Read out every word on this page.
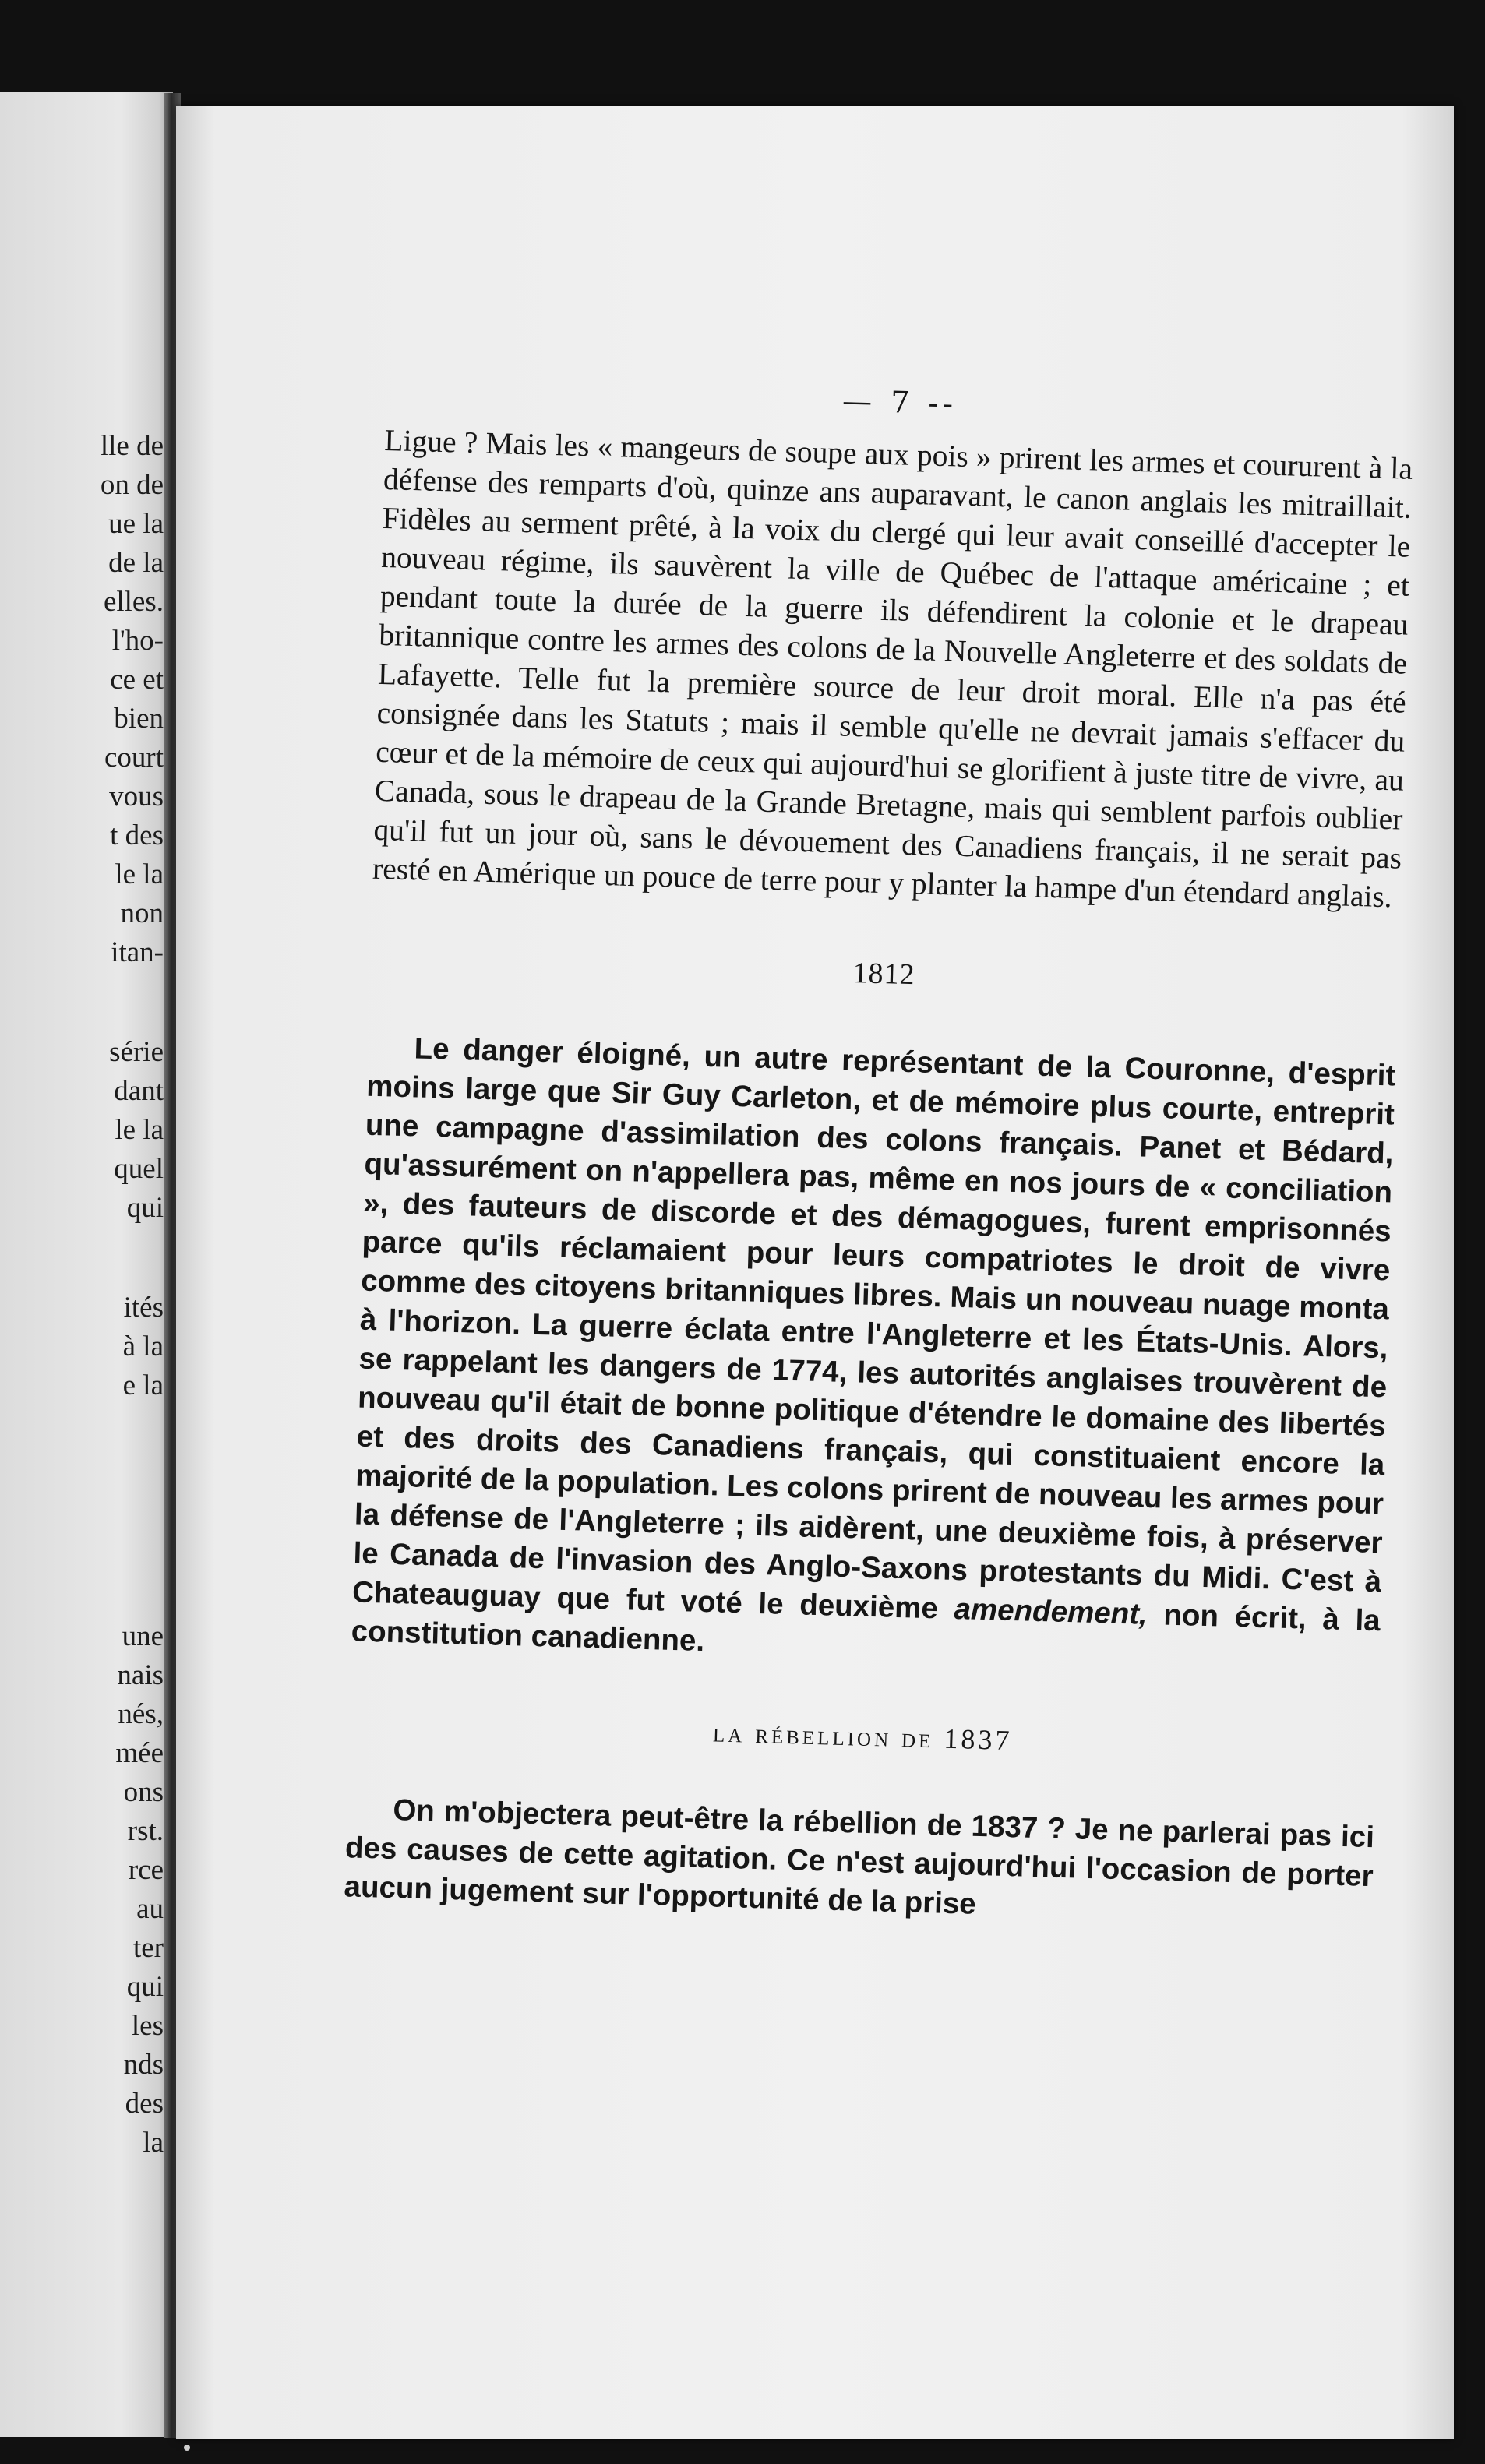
lle de
on de
ue la
de la
elles.
l'ho-
ce et
bien
court
vous
t des
le la
non
itan-
série
dant
le la
quel
qui
ités
à la
e la
une
nais
nés,
mée
ons
rst.
rce
au
ter
qui
les
nds
des
la
— 7 --

Ligue ? Mais les « mangeurs de soupe aux pois » prirent les armes et coururent à la défense des remparts d'où, quinze ans auparavant, le canon anglais les mitraillait. Fidèles au serment prêté, à la voix du clergé qui leur avait conseillé d'accepter le nouveau régime, ils sauvèrent la ville de Québec de l'attaque américaine ; et pendant toute la durée de la guerre ils défendirent la colonie et le drapeau britannique contre les armes des colons de la Nouvelle Angleterre et des soldats de Lafayette. Telle fut la première source de leur droit moral. Elle n'a pas été consignée dans les Statuts ; mais il semble qu'elle ne devrait jamais s'effacer du cœur et de la mémoire de ceux qui aujourd'hui se glorifient à juste titre de vivre, au Canada, sous le drapeau de la Grande Bretagne, mais qui semblent parfois oublier qu'il fut un jour où, sans le dévouement des Canadiens français, il ne serait pas resté en Amérique un pouce de terre pour y planter la hampe d'un étendard anglais.

1812

Le danger éloigné, un autre représentant de la Couronne, d'esprit moins large que Sir Guy Carleton, et de mémoire plus courte, entreprit une campagne d'assimilation des colons français. Panet et Bédard, qu'assurément on n'appellera pas, même en nos jours de « conciliation », des fauteurs de discorde et des démagogues, furent emprisonnés parce qu'ils réclamaient pour leurs compatriotes le droit de vivre comme des citoyens britanniques libres. Mais un nouveau nuage monta à l'horizon. La guerre éclata entre l'Angleterre et les États-Unis. Alors, se rappelant les dangers de 1774, les autorités anglaises trouvèrent de nouveau qu'il était de bonne politique d'étendre le domaine des libertés et des droits des Canadiens français, qui constituaient encore la majorité de la population. Les colons prirent de nouveau les armes pour la défense de l'Angleterre ; ils aidèrent, une deuxième fois, à préserver le Canada de l'invasion des Anglo-Saxons protestants du Midi. C'est à Chateauguay que fut voté le deuxième amendement, non écrit, à la constitution canadienne.

la rébellion de 1837

On m'objectera peut-être la rébellion de 1837 ? Je ne parlerai pas ici des causes de cette agitation. Ce n'est aujourd'hui l'occasion de porter aucun jugement sur l'opportunité de la prise
